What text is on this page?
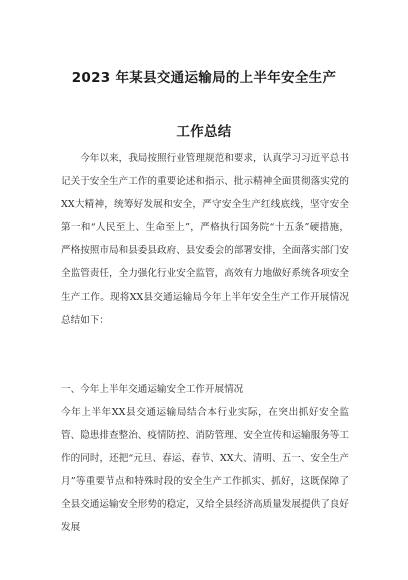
2023 年某县交通运输局的上半年安全生产
工作总结
今年以来，我局按照行业管理规范和要求，认真学习习近平总书记关于安全生产工作的重要论述和指示、批示精神全面贯彻落实党的XX大精神，统筹好发展和安全，严守安全生产红线底线，坚守安全第一和“人民至上、生命至上”，严格执行国务院“十五条”硬措施，严格按照市局和县委县政府、县安委会的部署安排，全面落实部门安全监管责任，全力强化行业安全监管，高效有力地做好系统各项安全生产工作。现将XX县交通运输局今年上半年安全生产工作开展情况总结如下：
一、今年上半年交通运输安全工作开展情况
今年上半年XX县交通运输局结合本行业实际，在突出抓好安全监管、隐患排查整治、疫情防控、消防管理、安全宣传和运输服务等工作的同时，还把“元旦、春运、春节、XX大、清明、五一、安全生产月”等重要节点和特殊时段的安全生产工作抓实、抓好，这既保障了全县交通运输安全形势的稳定，又给全县经济高质量发展提供了良好发展
